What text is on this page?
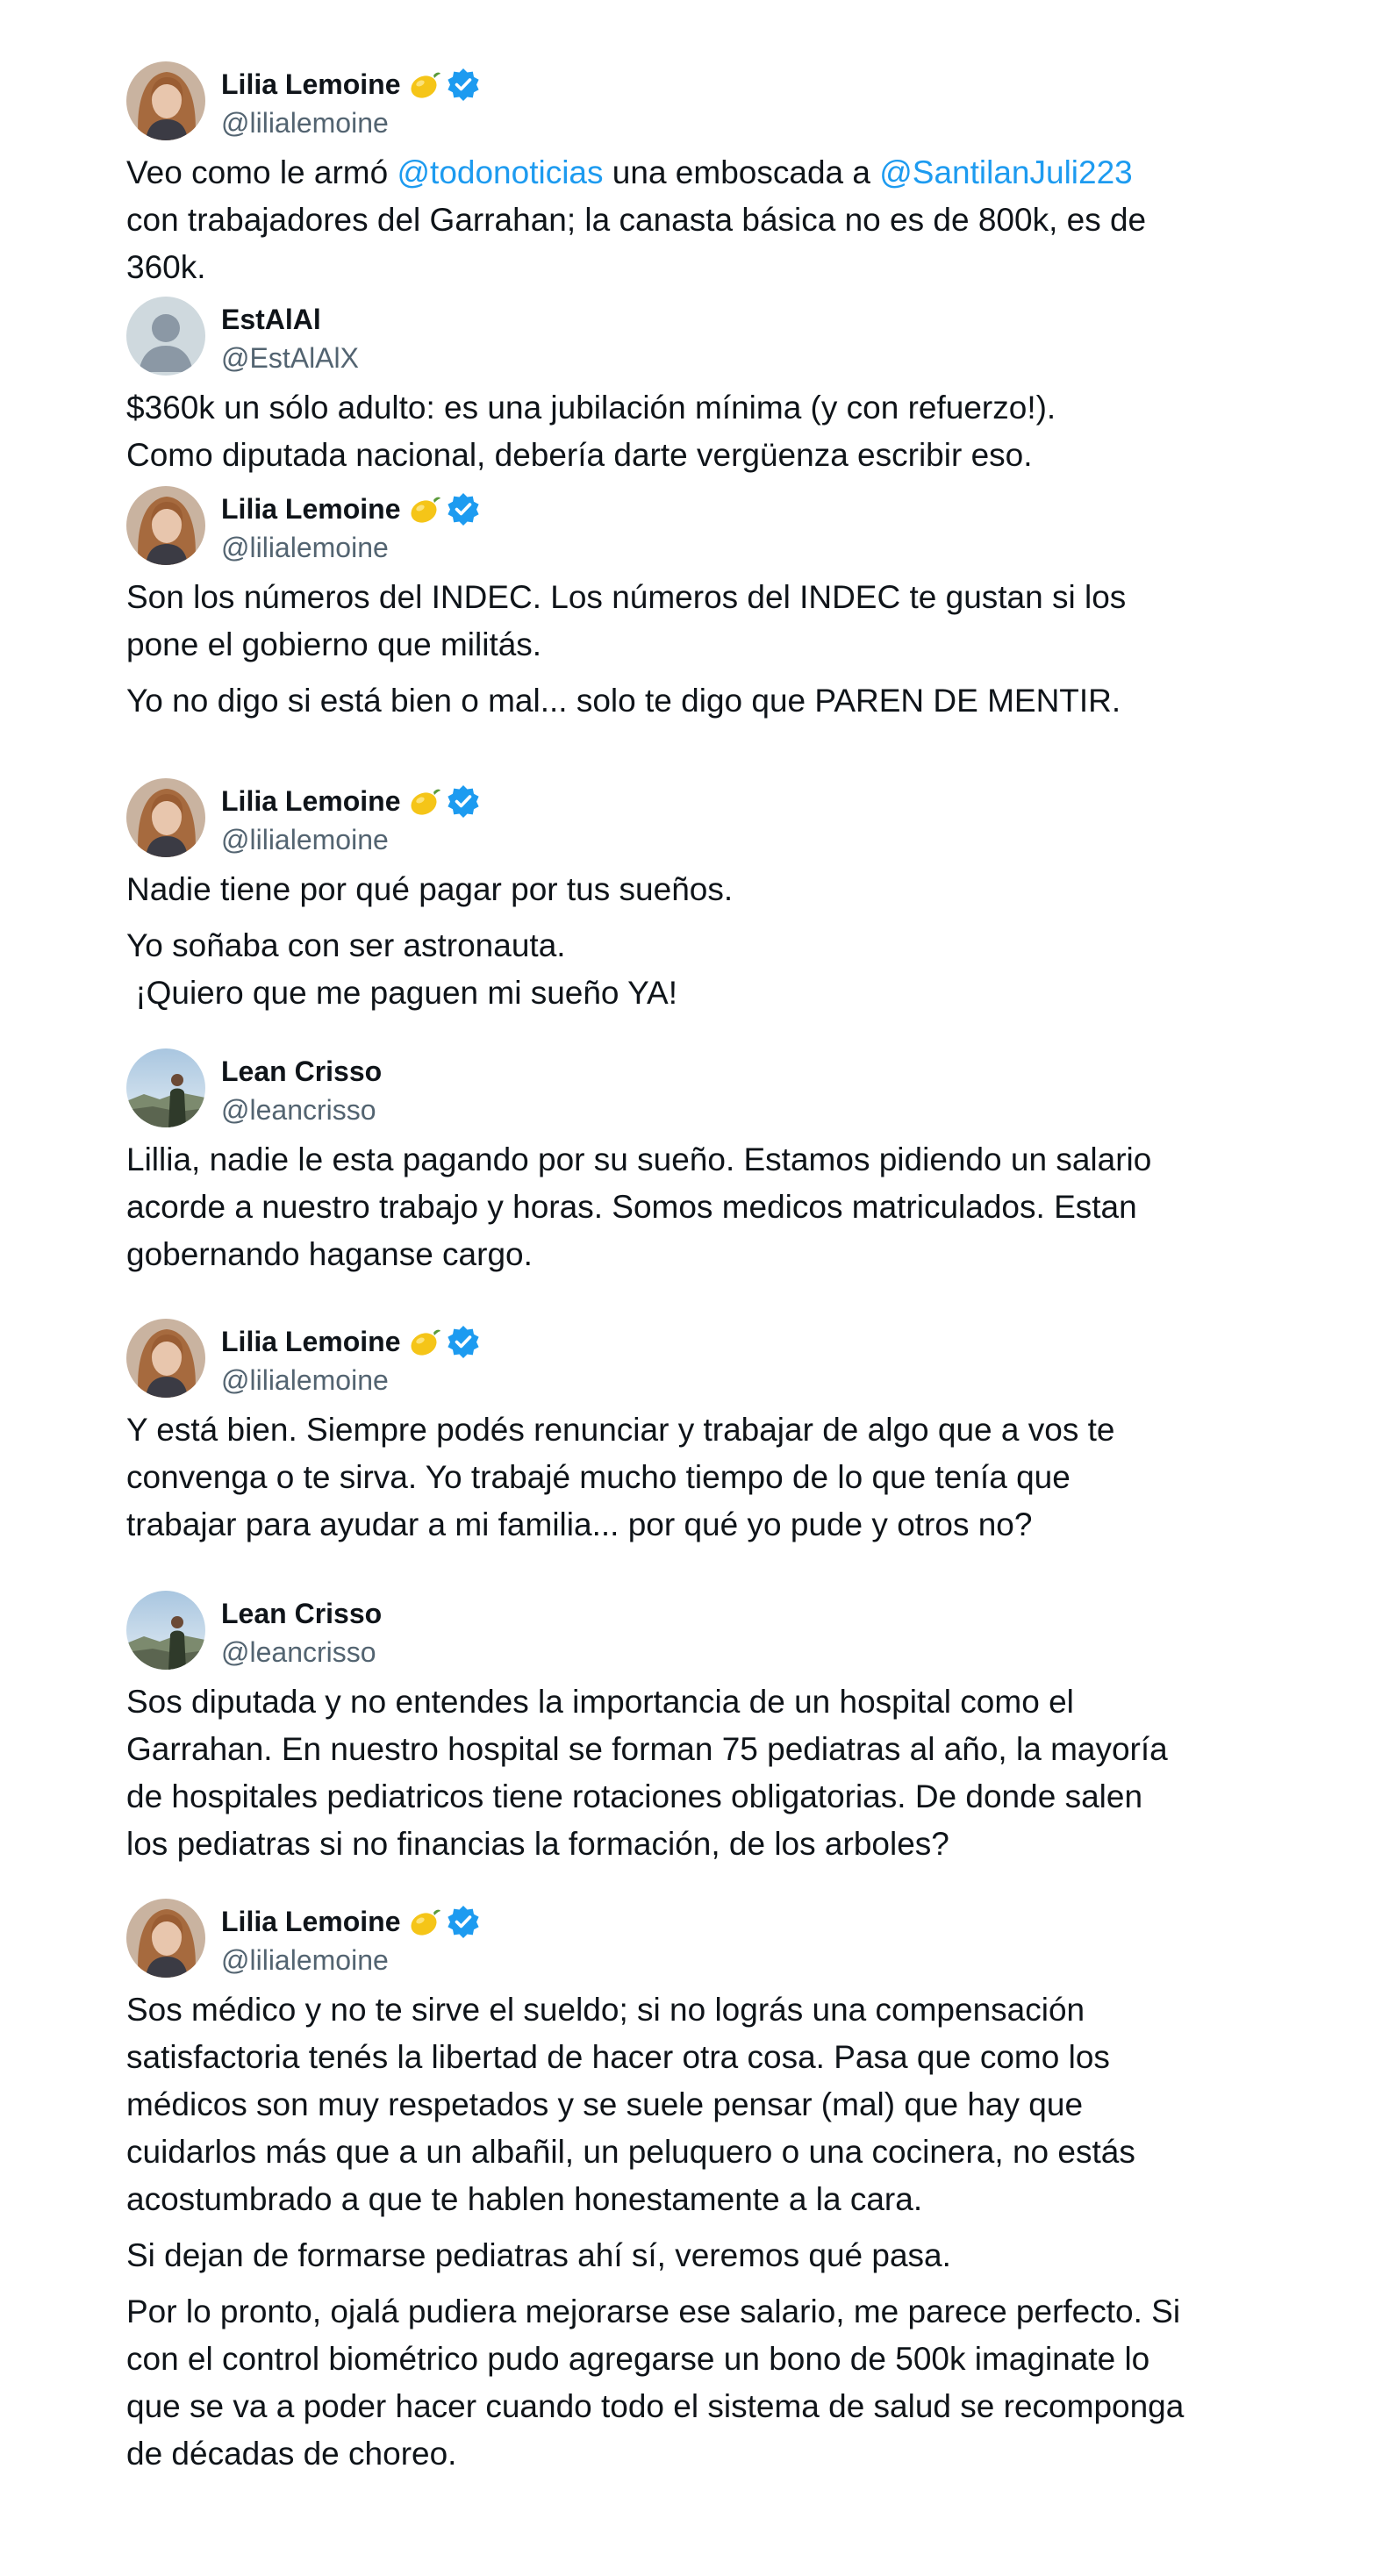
Lilia Lemoine
@lilialemoine
Veo como le armó @todonoticias una emboscada a @SantilanJuli223
con trabajadores del Garrahan; la canasta básica no es de 800k, es de
360k.
EstAlAl
@EstAlAlX
$360k un sólo adulto: es una jubilación mínima (y con refuerzo!).
Como diputada nacional, debería darte vergüenza escribir eso.
Lilia Lemoine
@lilialemoine
Son los números del INDEC. Los números del INDEC te gustan si los
pone el gobierno que militás.
Yo no digo si está bien o mal... solo te digo que PAREN DE MENTIR.
Lilia Lemoine
@lilialemoine
Nadie tiene por qué pagar por tus sueños.
Yo soñaba con ser astronauta.
¡Quiero que me paguen mi sueño YA!
Lean Crisso
@leancrisso
Lillia, nadie le esta pagando por su sueño. Estamos pidiendo un salario
acorde a nuestro trabajo y horas. Somos medicos matriculados. Estan
gobernando haganse cargo.
Lilia Lemoine
@lilialemoine
Y está bien. Siempre podés renunciar y trabajar de algo que a vos te
convenga o te sirva. Yo trabajé mucho tiempo de lo que tenía que
trabajar para ayudar a mi familia... por qué yo pude y otros no?
Lean Crisso
@leancrisso
Sos diputada y no entendes la importancia de un hospital como el
Garrahan. En nuestro hospital se forman 75 pediatras al año, la mayoría
de hospitales pediatricos tiene rotaciones obligatorias. De donde salen
los pediatras si no financias la formación, de los arboles?
Lilia Lemoine
@lilialemoine
Sos médico y no te sirve el sueldo; si no lográs una compensación
satisfactoria tenés la libertad de hacer otra cosa. Pasa que como los
médicos son muy respetados y se suele pensar (mal) que hay que
cuidarlos más que a un albañil, un peluquero o una cocinera, no estás
acostumbrado a que te hablen honestamente a la cara.
Si dejan de formarse pediatras ahí sí, veremos qué pasa.
Por lo pronto, ojalá pudiera mejorarse ese salario, me parece perfecto. Si
con el control biométrico pudo agregarse un bono de 500k imaginate lo
que se va a poder hacer cuando todo el sistema de salud se recomponga
de décadas de choreo.
